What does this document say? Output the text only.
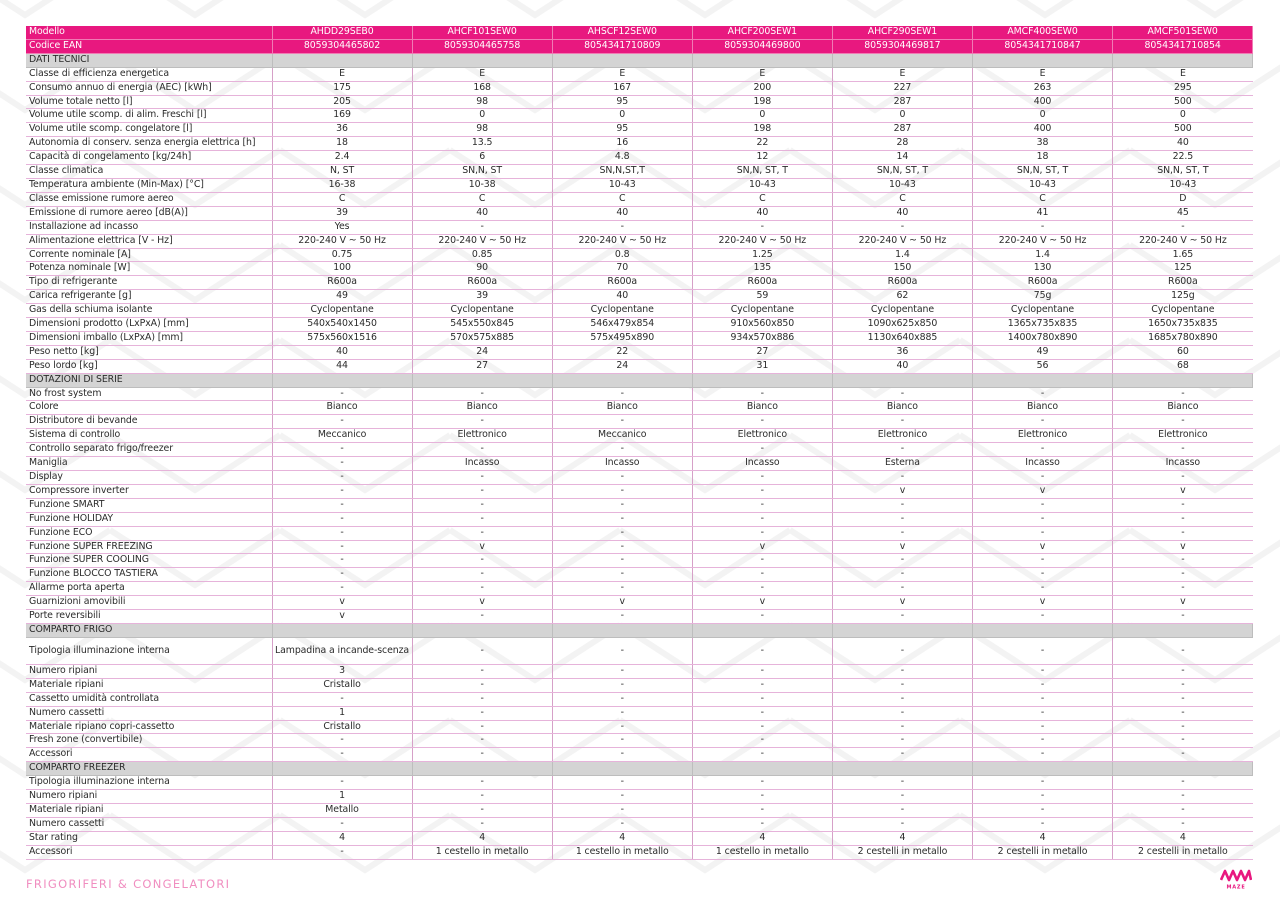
Modello	AHDD29SEB0	AHCF101SEW0	AHSCF12SEW0	AHCF200SEW1	AHCF290SEW1	AMCF400SEW0	AMCF501SEW0
Codice EAN	8059304465802	8059304465758	8054341710809	8059304469800	8059304469817	8054341710847	8054341710854
DATI TECNICI							
Classe di efficienza energetica	E	E	E	E	E	E	E
Consumo annuo di energia (AEC) [kWh]	175	168	167	200	227	263	295
Volume totale netto [l]	205	98	95	198	287	400	500
Volume utile scomp. di alim. Freschi [l]	169	0	0	0	0	0	0
Volume utile scomp. congelatore [l]	36	98	95	198	287	400	500
Autonomia di conserv. senza energia elettrica [h]	18	13.5	16	22	28	38	40
Capacità di congelamento [kg/24h]	2.4	6	4.8	12	14	18	22.5
Classe climatica	N, ST	SN,N, ST	SN,N,ST,T	SN,N, ST, T	SN,N, ST, T	SN,N, ST, T	SN,N, ST, T
Temperatura ambiente (Min-Max) [°C]	16-38	10-38	10-43	10-43	10-43	10-43	10-43
Classe emissione rumore aereo	C	C	C	C	C	C	D
Emissione di rumore aereo [dB(A)]	39	40	40	40	40	41	45
Installazione ad incasso	Yes	-	-	-	-	-	-
Alimentazione elettrica [V - Hz]	220-240 V ~ 50 Hz	220-240 V ~ 50 Hz	220-240 V ~ 50 Hz	220-240 V ~ 50 Hz	220-240 V ~ 50 Hz	220-240 V ~ 50 Hz	220-240 V ~ 50 Hz
Corrente nominale [A]	0.75	0.85	0.8	1.25	1.4	1.4	1.65
Potenza nominale [W]	100	90	70	135	150	130	125
Tipo di refrigerante	R600a	R600a	R600a	R600a	R600a	R600a	R600a
Carica refrigerante [g]	49	39	40	59	62	75g	125g
Gas della schiuma isolante	Cyclopentane	Cyclopentane	Cyclopentane	Cyclopentane	Cyclopentane	Cyclopentane	Cyclopentane
Dimensioni prodotto (LxPxA) [mm]	540x540x1450	545x550x845	546x479x854	910x560x850	1090x625x850	1365x735x835	1650x735x835
Dimensioni imballo (LxPxA) [mm]	575x560x1516	570x575x885	575x495x890	934x570x886	1130x640x885	1400x780x890	1685x780x890
Peso netto [kg]	40	24	22	27	36	49	60
Peso lordo [kg]	44	27	24	31	40	56	68
DOTAZIONI DI SERIE							
No frost system	-	-	-	-	-	-	-
Colore	Bianco	Bianco	Bianco	Bianco	Bianco	Bianco	Bianco
Distributore di bevande	-	-	-	-	-	-	-
Sistema di controllo	Meccanico	Elettronico	Meccanico	Elettronico	Elettronico	Elettronico	Elettronico
Controllo separato frigo/freezer	-	-	-	-	-	-	-
Maniglia	-	Incasso	Incasso	Incasso	Esterna	Incasso	Incasso
Display	-	-	-	-	-	-	-
Compressore inverter	-	-	-	-	v	v	v
Funzione SMART	-	-	-	-	-	-	-
Funzione HOLIDAY	-	-	-	-	-	-	-
Funzione ECO	-	-	-	-	-	-	-
Funzione SUPER FREEZING	-	v	-	v	v	v	v
Funzione SUPER COOLING	-	-	-	-	-	-	-
Funzione BLOCCO TASTIERA	-	-	-	-	-	-	-
Allarme porta aperta	-	-	-	-	-	-	-
Guarnizioni amovibili	v	v	v	v	v	v	v
Porte reversibili	v	-	-	-	-	-	-
COMPARTO FRIGO							
Tipologia illuminazione interna	Lampadina a incande-scenza	-	-	-	-	-	-
Numero ripiani	3	-	-	-	-	-	-
Materiale ripiani	Cristallo	-	-	-	-	-	-
Cassetto umidità controllata	-	-	-	-	-	-	-
Numero cassetti	1	-	-	-	-	-	-
Materiale ripiano copri-cassetto	Cristallo	-	-	-	-	-	-
Fresh zone (convertibile)	-	-	-	-	-	-	-
Accessori	-	-	-	-	-	-	-
COMPARTO FREEZER							
Tipologia illuminazione interna	-	-	-	-	-	-	-
Numero ripiani	1	-	-	-	-	-	-
Materiale ripiani	Metallo	-	-	-	-	-	-
Numero cassetti	-	-	-	-	-	-	-
Star rating	4	4	4	4	4	4	4
Accessori	-	1 cestello in metallo	1 cestello in metallo	1 cestello in metallo	2 cestelli in metallo	2 cestelli in metallo	2 cestelli in metallo
FRIGORIFERI & CONGELATORI	MAZE
